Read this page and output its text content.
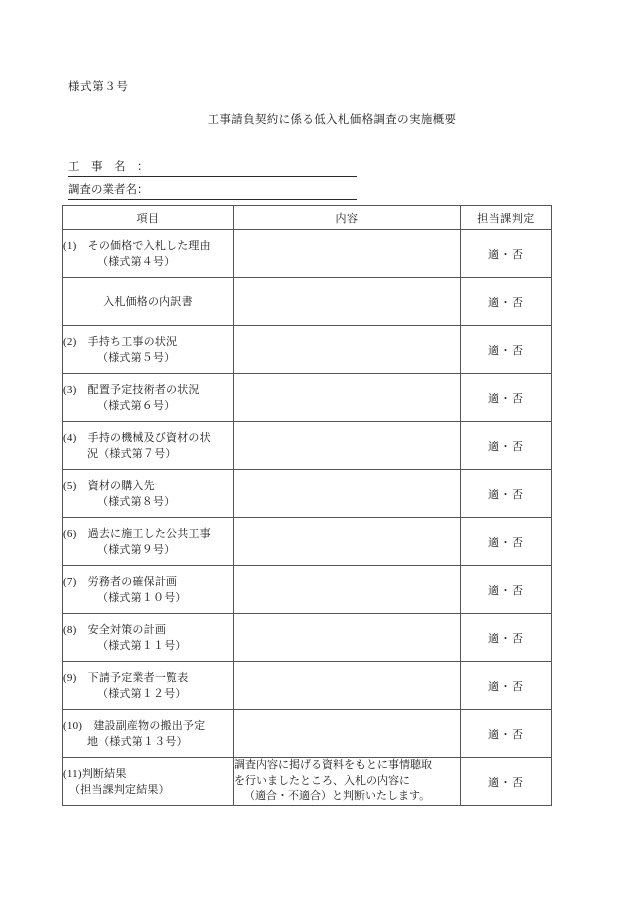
様式第３号
工事請負契約に係る低入札価格調査の実施概要
工　事　名　：
調査の業者名：
項目	内容	担当課判定

(1)　その価格で入札した理由
（様式第４号）		適・否

入札価格の内訳書		適・否

(2)　手持ち工事の状況
（様式第５号）		適・否

(3)　配置予定技術者の状況
（様式第６号）		適・否

(4)　手持の機械及び資材の状
況（様式第７号）		適・否

(5)　資材の購入先
（様式第８号）		適・否

(6)　過去に施工した公共工事
（様式第９号）		適・否

(7)　労務者の確保計画
（様式第１０号）		適・否

(8)　安全対策の計画
（様式第１１号）		適・否

(9)　下請予定業者一覧表
（様式第１２号）		適・否

(10)　建設副産物の搬出予定
地（様式第１３号）		適・否

(11)判断結果
（担当課判定結果）	調査内容に掲げる資料をもとに事情聴取
を行いましたところ、入札の内容に
（適合・不適合）と判断いたします。	適・否
